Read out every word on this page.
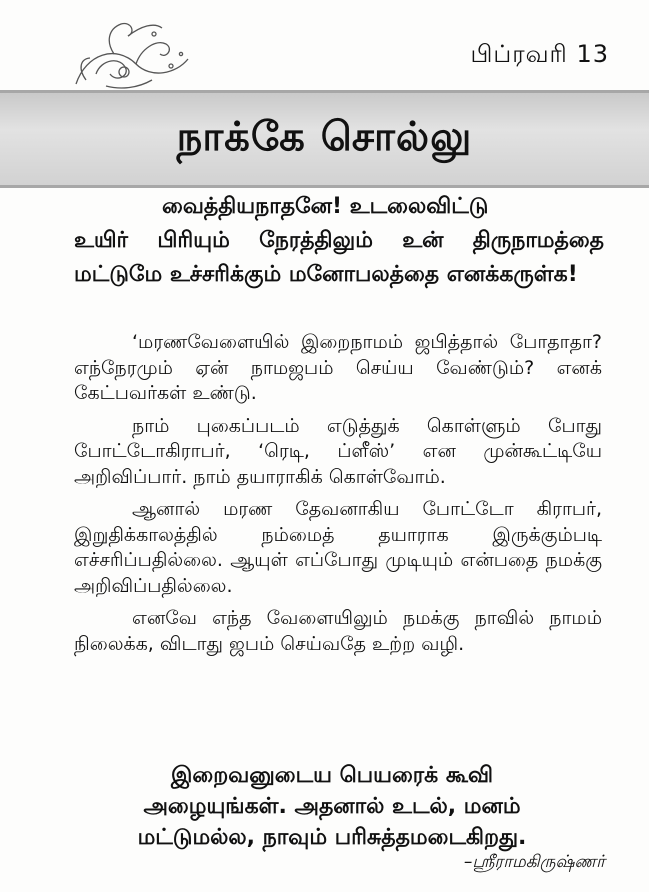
பிப்ரவரி 13
நாக்கே சொல்லு

வைத்தியநாதனே! உடலைவிட்டு
உயிர் பிரியும் நேரத்திலும் உன் திருநாமத்தை மட்டுமே உச்சரிக்கும் மனோபலத்தை எனக்கருள்க!

‘மரணவேளையில் இறைநாமம் ஜபித்தால் போதாதா? எந்நேரமும் ஏன் நாமஜபம் செய்ய வேண்டும்? எனக் கேட்பவர்கள் உண்டு.

நாம் புகைப்படம் எடுத்துக் கொள்ளும் போது போட்டோகிராபர், ‘ரெடி, ப்ளீஸ்’ என முன்கூட்டியே அறிவிப்பார். நாம் தயாராகிக் கொள்வோம்.

ஆனால் மரண தேவனாகிய போட்டோ கிராபர், இறுதிக்காலத்தில் நம்மைத் தயாராக இருக்கும்படி எச்சரிப்பதில்லை. ஆயுள் எப்போது முடியும் என்பதை நமக்கு அறிவிப்பதில்லை.

எனவே எந்த வேளையிலும் நமக்கு நாவில் நாமம் நிலைக்க, விடாது ஜபம் செய்வதே உற்ற வழி.

இறைவனுடைய பெயரைக் கூவி
அழையுங்கள். அதனால் உடல், மனம்
மட்டுமல்ல, நாவும் பரிசுத்தமடைகிறது.
–ஸ்ரீராமகிருஷ்ணர்
